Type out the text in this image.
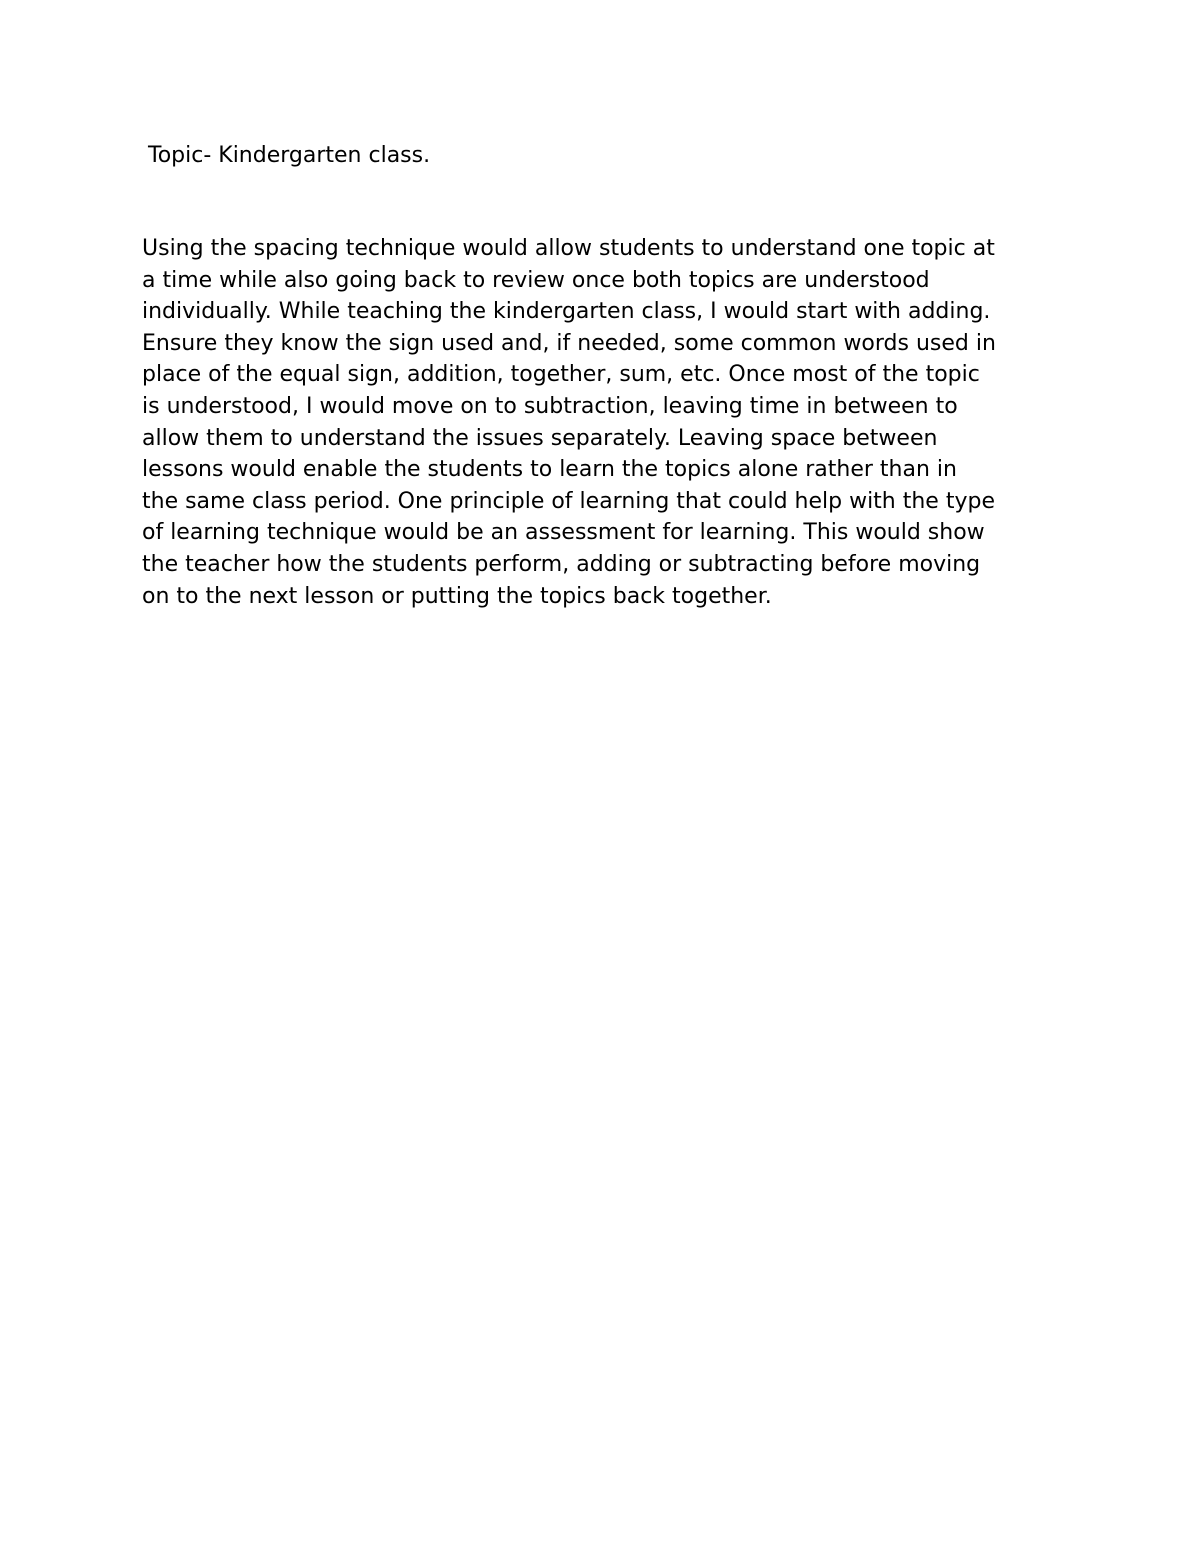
Topic- Kindergarten class.
Using the spacing technique would allow students to understand one topic at
a time while also going back to review once both topics are understood
individually. While teaching the kindergarten class, I would start with adding.
Ensure they know the sign used and, if needed, some common words used in
place of the equal sign, addition, together, sum, etc. Once most of the topic
is understood, I would move on to subtraction, leaving time in between to
allow them to understand the issues separately. Leaving space between
lessons would enable the students to learn the topics alone rather than in
the same class period. One principle of learning that could help with the type
of learning technique would be an assessment for learning. This would show
the teacher how the students perform, adding or subtracting before moving
on to the next lesson or putting the topics back together.
